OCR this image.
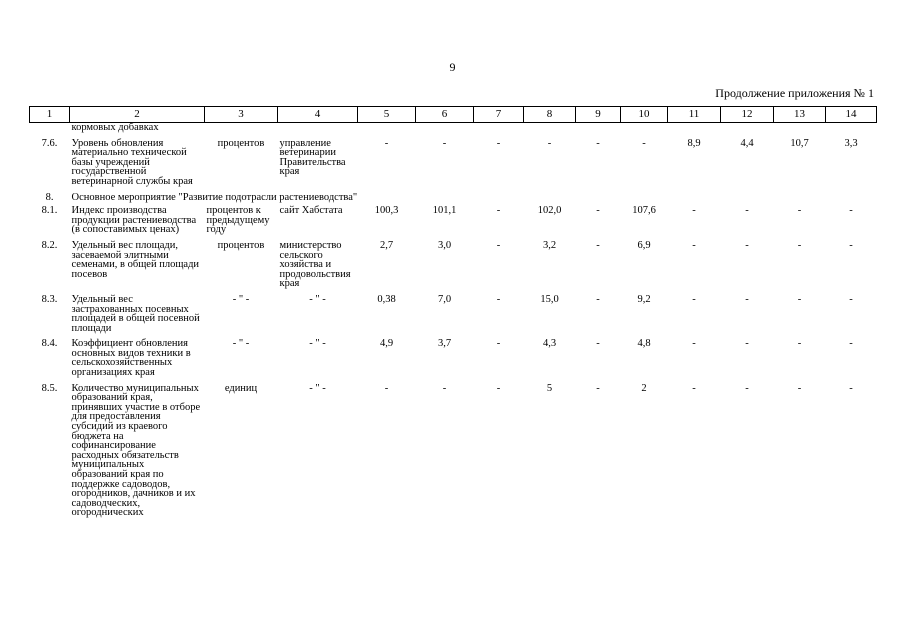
9
Продолжение приложения № 1
1	2	3	4	5	6	7	8	9	10	11	12	13	14
	кормовых добавках												
7.6.	Уровень обновления материально технической базы учреждений государственной ветеринарной службы края	процентов	управление ветеринарии Правительства края	-	-	-	-	-	-	8,9	4,4	10,7	3,3
8.	Основное мероприятие "Развитие подотрасли растениеводства"												
8.1.	Индекс производства продукции растениеводства (в сопоставимых ценах)	процентов к предыдущему году	сайт Хабстата	100,3	101,1	-	102,0	-	107,6	-	-	-	-
8.2.	Удельный вес площади, засеваемой элитными семенами, в общей площади посевов	процентов	министерство сельского хозяйства и продовольствия края	2,7	3,0	-	3,2	-	6,9	-	-	-	-
8.3.	Удельный вес застрахованных посевных площадей в общей посевной площади	- " -	- " -	0,38	7,0	-	15,0	-	9,2	-	-	-	-
8.4.	Коэффициент обновления основных видов техники в сельскохозяйственных организациях края	- " -	- " -	4,9	3,7	-	4,3	-	4,8	-	-	-	-
8.5.	Количество муниципальных образований края, принявших участие в отборе для предоставления субсидий из краевого бюджета на софинансирование расходных обязательств муниципальных образований края по поддержке садоводов, огородников, дачников и их садоводческих, огороднических	единиц	- " -	-	-	-	5	-	2	-	-	-	-
